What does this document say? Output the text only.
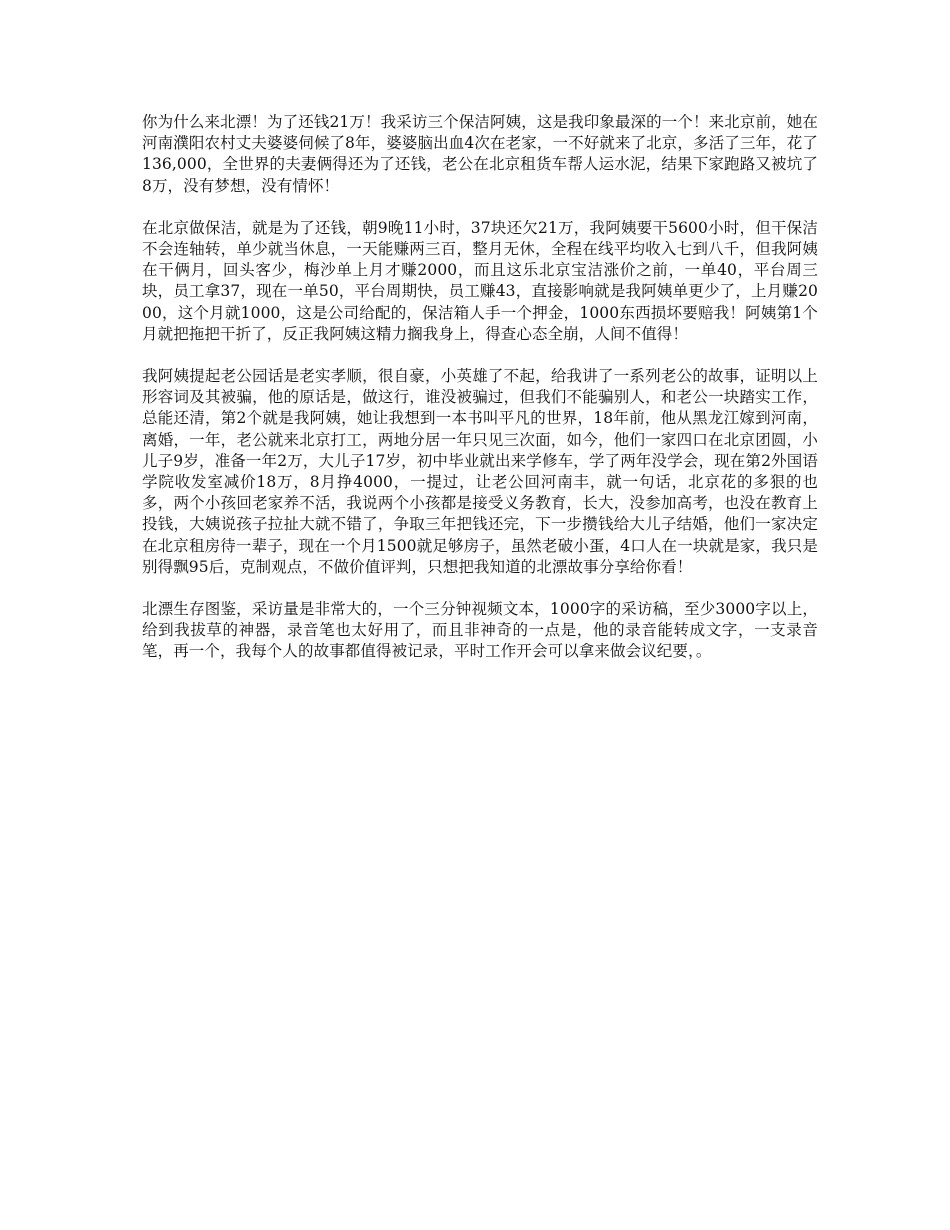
你为什么来北漂！为了还钱21万！我采访三个保洁阿姨，这是我印象最深的一个！来北京前，她在河南濮阳农村丈夫婆婆伺候了8年，婆婆脑出血4次在老家，一不好就来了北京，多活了三年，花了136,000，全世界的夫妻俩得还为了还钱，老公在北京租货车帮人运水泥，结果下家跑路又被坑了8万，没有梦想，没有情怀！

在北京做保洁，就是为了还钱，朝9晚11小时，37块还欠21万，我阿姨要干5600小时，但干保洁不会连轴转，单少就当休息，一天能赚两三百，整月无休，全程在线平均收入七到八千，但我阿姨在干俩月，回头客少，梅沙单上月才赚2000，而且这乐北京宝洁涨价之前，一单40，平台周三块，员工拿37，现在一单50，平台周期快，员工赚43，直接影响就是我阿姨单更少了，上月赚2000，这个月就1000，这是公司给配的，保洁箱人手一个押金，1000东西损坏要赔我！阿姨第1个月就把拖把干折了，反正我阿姨这精力搁我身上，得查心态全崩，人间不值得！

我阿姨提起老公园话是老实孝顺，很自豪，小英雄了不起，给我讲了一系列老公的故事，证明以上形容词及其被骗，他的原话是，做这行，谁没被骗过，但我们不能骗别人，和老公一块踏实工作，总能还清，第2个就是我阿姨，她让我想到一本书叫平凡的世界，18年前，他从黑龙江嫁到河南，离婚，一年，老公就来北京打工，两地分居一年只见三次面，如今，他们一家四口在北京团圆，小儿子9岁，准备一年2万，大儿子17岁，初中毕业就出来学修车，学了两年没学会，现在第2外国语学院收发室减价18万，8月挣4000，一提过，让老公回河南丰，就一句话，北京花的多狠的也多，两个小孩回老家养不活，我说两个小孩都是接受义务教育，长大，没参加高考，也没在教育上投钱，大姨说孩子拉扯大就不错了，争取三年把钱还完，下一步攒钱给大儿子结婚，他们一家决定在北京租房待一辈子，现在一个月1500就足够房子，虽然老破小蛋，4口人在一块就是家，我只是别得飘95后，克制观点，不做价值评判，只想把我知道的北漂故事分享给你看！

北漂生存图鉴，采访量是非常大的，一个三分钟视频文本，1000字的采访稿，至少3000字以上，给到我拔草的神器，录音笔也太好用了，而且非神奇的一点是，他的录音能转成文字，一支录音笔，再一个，我每个人的故事都值得被记录，平时工作开会可以拿来做会议纪要，。
